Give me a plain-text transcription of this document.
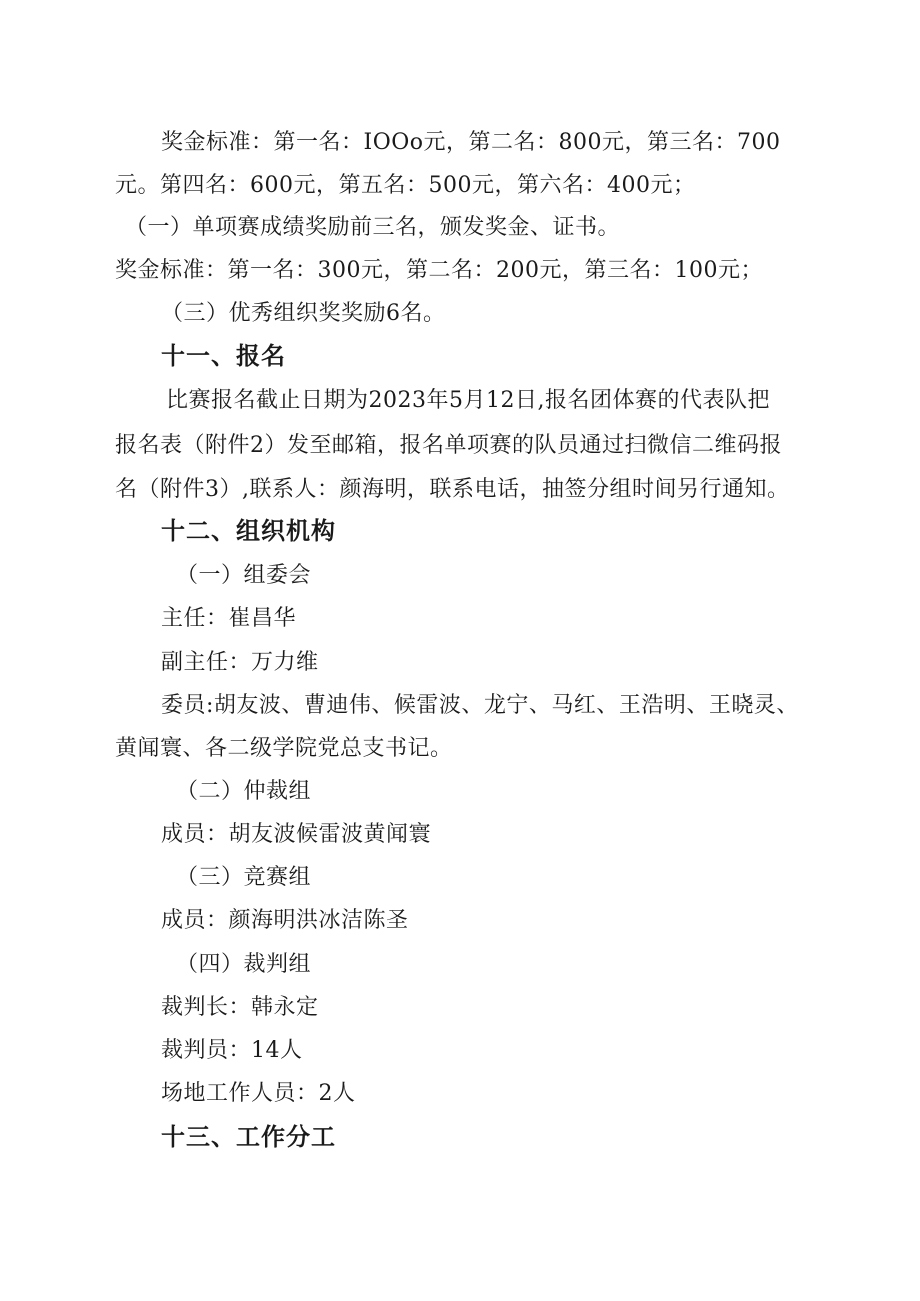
奖金标准：第一名：IOOo元，第二名：800元，第三名：700
元。第四名：600元，第五名：500元，第六名：400元；
（一）单项赛成绩奖励前三名，颁发奖金、证书。
奖金标准：第一名：300元，第二名：200元，第三名：100元；
（三）优秀组织奖奖励6名。
十一、报名
比赛报名截止日期为2023年5月12日,报名团体赛的代表队把
报名表（附件2）发至邮箱，报名单项赛的队员通过扫微信二维码报
名（附件3）,联系人：颜海明，联系电话，抽签分组时间另行通知。
十二、组织机构
（一）组委会
主任：崔昌华
副主任：万力维
委员:胡友波、曹迪伟、候雷波、龙宁、马红、王浩明、王晓灵、
黄闻寰、各二级学院党总支书记。
（二）仲裁组
成员：胡友波候雷波黄闻寰
（三）竞赛组
成员：颜海明洪冰洁陈圣
（四）裁判组
裁判长：韩永定
裁判员：14人
场地工作人员：2人
十三、工作分工
